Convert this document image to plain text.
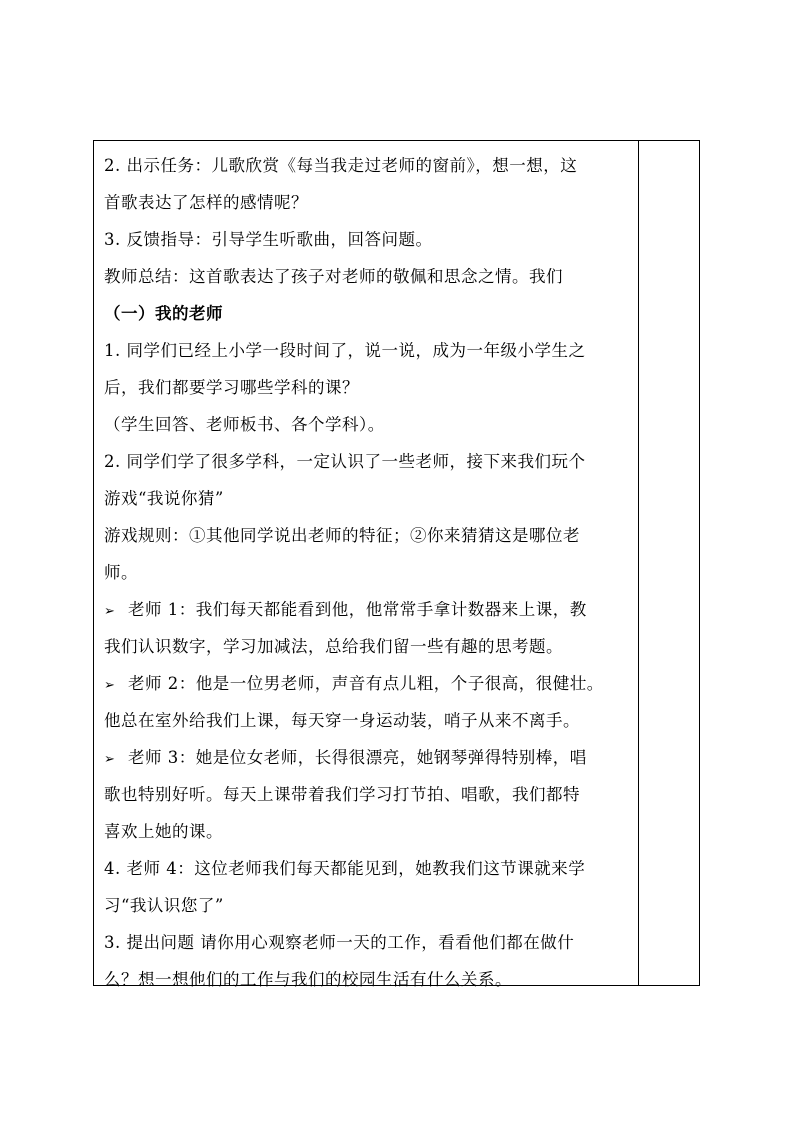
2. 出示任务：儿歌欣赏《每当我走过老师的窗前》，想一想，这
首歌表达了怎样的感情呢？
3. 反馈指导：引导学生听歌曲，回答问题。
教师总结：这首歌表达了孩子对老师的敬佩和思念之情。我们
（一）我的老师
1. 同学们已经上小学一段时间了，说一说，成为一年级小学生之
后，我们都要学习哪些学科的课？
（学生回答、老师板书、各个学科）。
2. 同学们学了很多学科，一定认识了一些老师，接下来我们玩个
游戏“我说你猜”
游戏规则：①其他同学说出老师的特征；②你来猜猜这是哪位老
师。
➢ 老师 1：我们每天都能看到他，他常常手拿计数器来上课，教
我们认识数字，学习加减法，总给我们留一些有趣的思考题。
➢ 老师 2：他是一位男老师，声音有点儿粗，个子很高，很健壮。
他总在室外给我们上课，每天穿一身运动装，哨子从来不离手。
➢ 老师 3：她是位女老师，长得很漂亮，她钢琴弹得特别棒，唱
歌也特别好听。每天上课带着我们学习打节拍、唱歌，我们都特
喜欢上她的课。
4. 老师 4：这位老师我们每天都能见到，她教我们这节课就来学
习“我认识您了”
3. 提出问题 请你用心观察老师一天的工作，看看他们都在做什
么？想一想他们的工作与我们的校园生活有什么关系。
